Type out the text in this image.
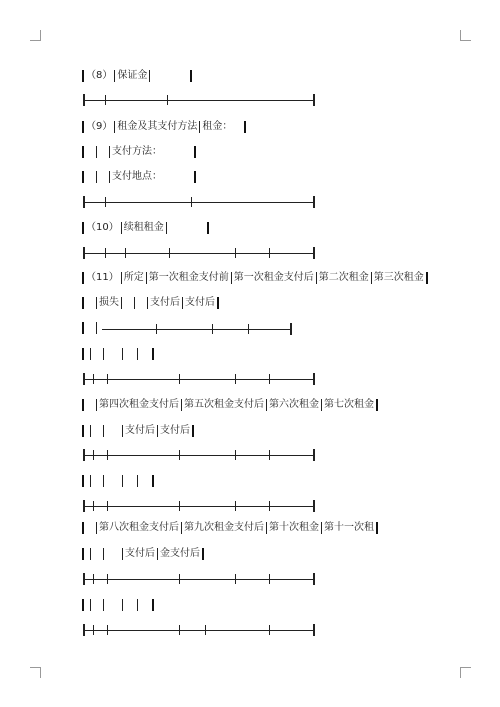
（8） 保证金
（9） 租金及其支付方法 租金：
支付方法：
支付地点：
（10） 续租租金
（11） 所定 第一次租金支付前 第一次租金支付后 第二次租金 第三次租金
损失	支付后 支付后
第四次租金支付后 第五次租金支付后 第六次租金 第七次租金
支付后 支付后
第八次租金支付后 第九次租金支付后 第十次租金 第十一次租
支付后 金支付后
